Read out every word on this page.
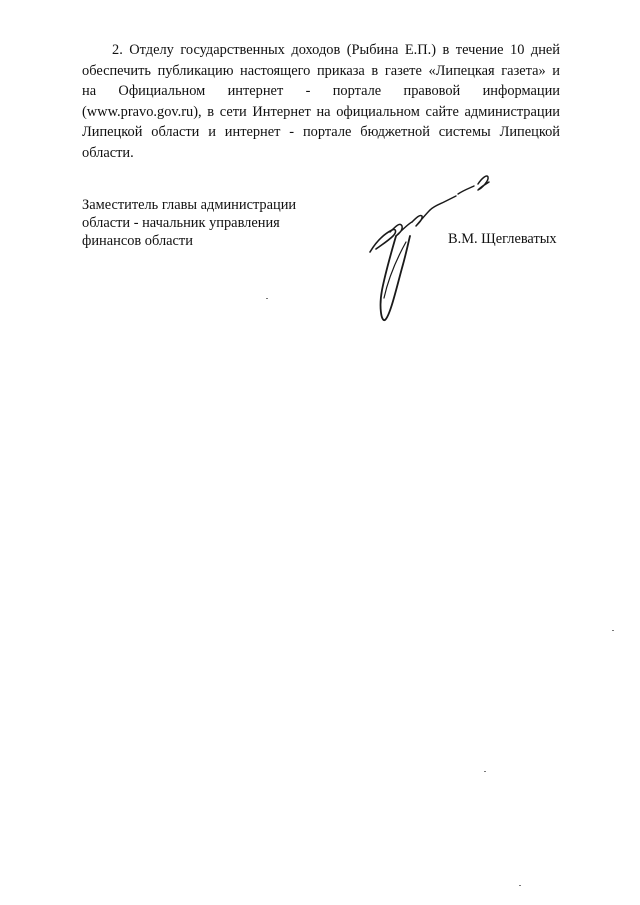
2. Отделу государственных доходов (Рыбина Е.П.) в течение 10 дней
обеспечить публикацию настоящего приказа в газете «Липецкая газета» и
на Официальном интернет - портале правовой информации
(www.pravo.gov.ru), в сети Интернет на официальном сайте администрации
Липецкой области и интернет - портале бюджетной системы Липецкой
области.

Заместитель главы администрации
области - начальник управления
финансов области	В.М. Щеглеватых
